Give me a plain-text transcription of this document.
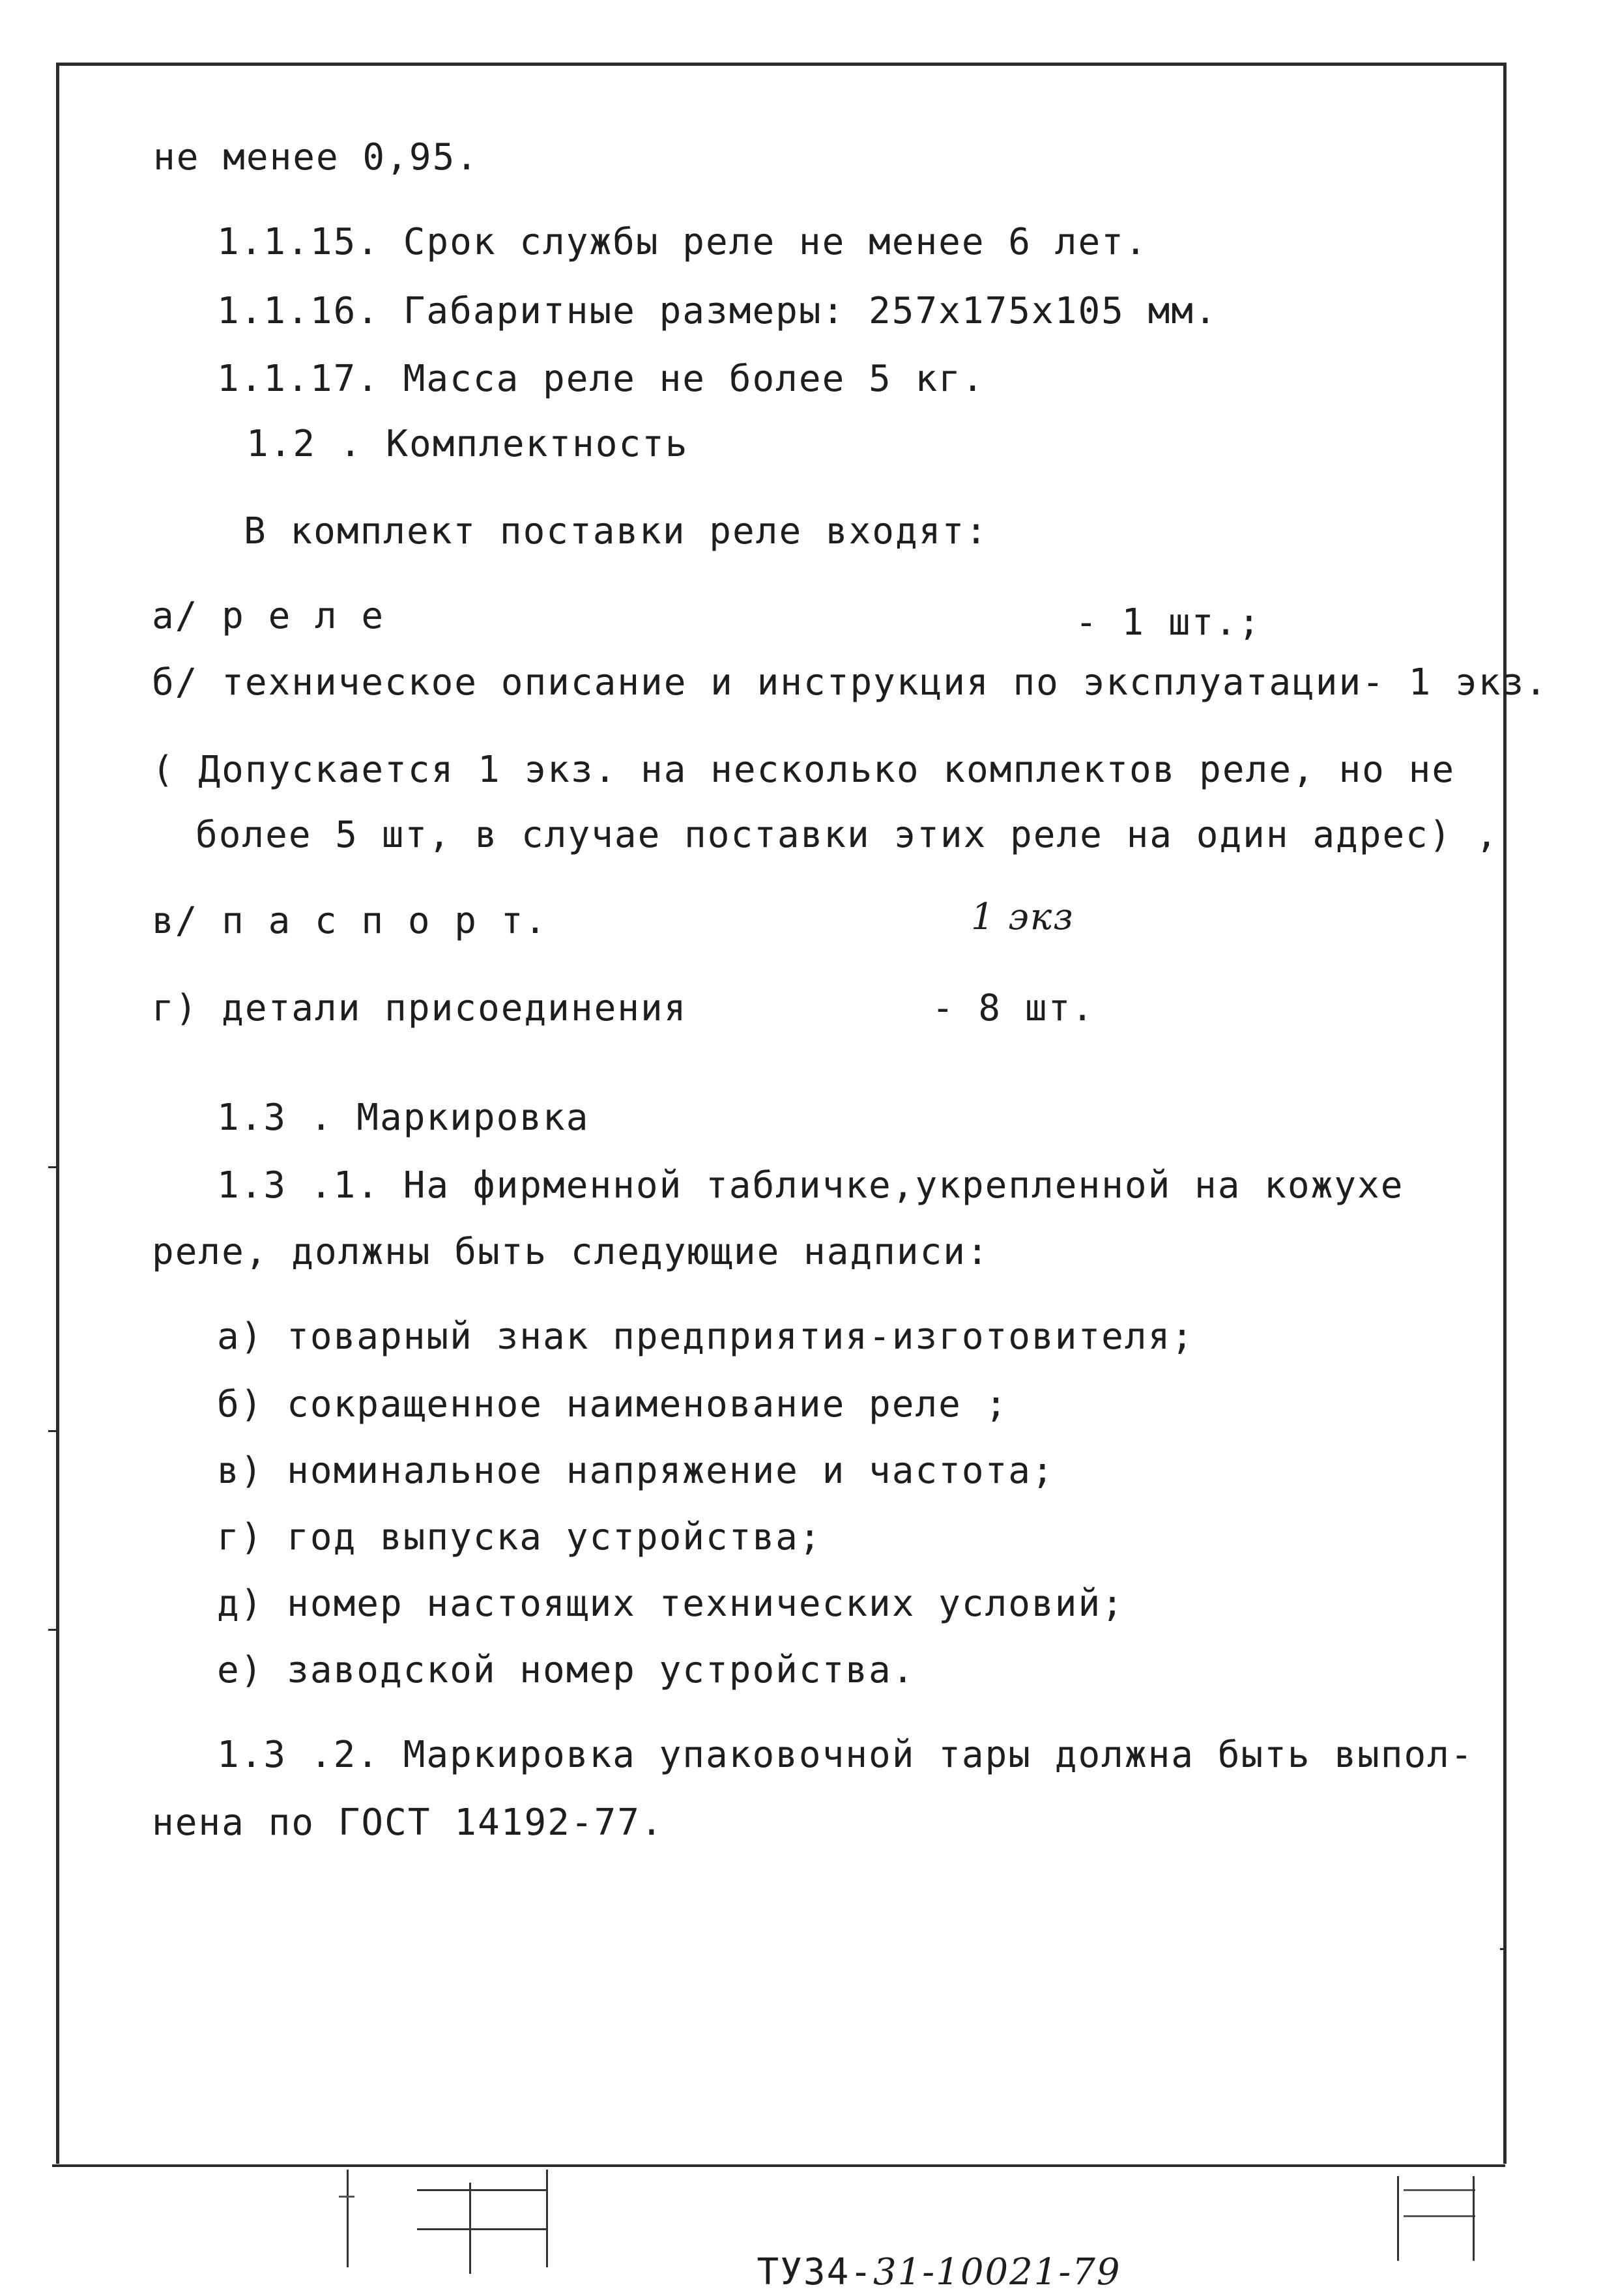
не менее 0,95.
1.1.15. Срок службы реле не менее 6 лет.
1.1.16. Габаритные размеры: 257х175х105 мм.
1.1.17. Масса реле не более 5 кг.
1.2 . Комплектность
В комплект поставки реле входят:
а/ р е л е	- 1 шт.;
б/ техническое описание и инструкция по эксплуатации- 1 экз.
( Допускается 1 экз. на несколько комплектов реле, но не
более 5 шт, в случае поставки этих реле на один адрес) ,
в/ п а с п о р т.	1 экз
г) детали присоединения	- 8 шт.
1.3 . Маркировка
1.3 .1. На фирменной табличке,укрепленной на кожухе
реле, должны быть следующие надписи:
а) товарный знак предприятия-изготовителя;
б) сокращенное наименование реле ;
в) номинальное напряжение и частота;
г) год выпуска устройства;
д) номер настоящих технических условий;
е) заводской номер устройства.
1.3 .2. Маркировка упаковочной тары должна быть выпол-
нена по ГОСТ 14192-77.

ТУ34-31-10021-79
